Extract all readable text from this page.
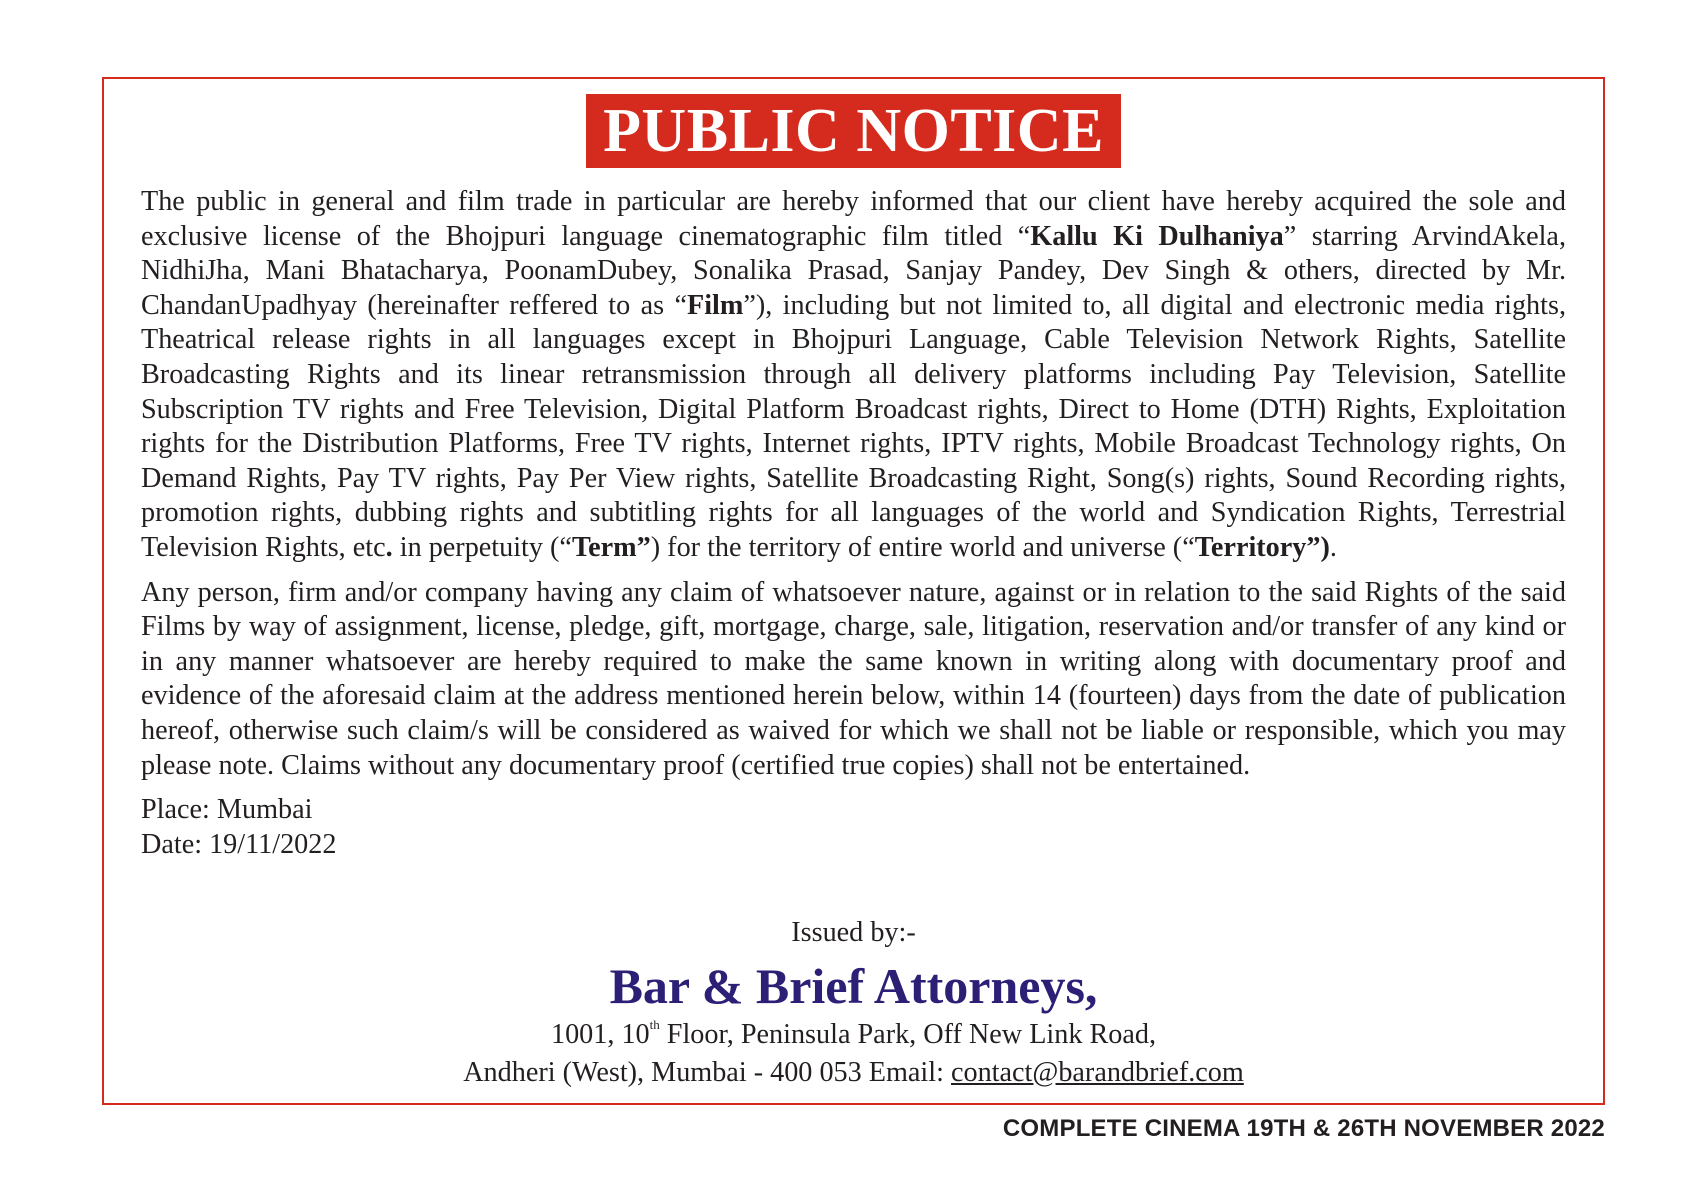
PUBLIC NOTICE

The public in general and film trade in particular are hereby informed that our client have hereby acquired the sole and exclusive license of the Bhojpuri language cinematographic film titled “Kallu Ki Dulhaniya” starring ArvindAkela, NidhiJha, Mani Bhatacharya, PoonamDubey, Sonalika Prasad, Sanjay Pandey, Dev Singh & others, directed by Mr. ChandanUpadhyay (hereinafter reffered to as “Film”), including but not limited to, all digital and electronic media rights, Theatrical release rights in all languages except in Bhojpuri Language, Cable Television Network Rights, Satellite Broadcasting Rights and its linear retransmission through all delivery platforms including Pay Television, Satellite Subscription TV rights and Free Television, Digital Platform Broadcast rights, Direct to Home (DTH) Rights, Exploitation rights for the Distribution Platforms, Free TV rights, Internet rights, IPTV rights, Mobile Broadcast Technology rights, On Demand Rights, Pay TV rights, Pay Per View rights, Satellite Broadcasting Right, Song(s) rights, Sound Recording rights, promotion rights, dubbing rights and subtitling rights for all languages of the world and Syndication Rights, Terrestrial Television Rights, etc. in perpetuity (“Term”) for the territory of entire world and universe (“Territory”).

Any person, firm and/or company having any claim of whatsoever nature, against or in relation to the said Rights of the said Films by way of assignment, license, pledge, gift, mortgage, charge, sale, litigation, reservation and/or transfer of any kind or in any manner whatsoever are hereby required to make the same known in writing along with documentary proof and evidence of the aforesaid claim at the address mentioned herein below, within 14 (fourteen) days from the date of publication hereof, otherwise such claim/s will be considered as waived for which we shall not be liable or responsible, which you may please note. Claims without any documentary proof (certified true copies) shall not be entertained.

Place: Mumbai
Date: 19/11/2022
Issued by:-
Bar & Brief Attorneys,
1001, 10th Floor, Peninsula Park, Off New Link Road,
Andheri (West), Mumbai - 400 053 Email: contact@barandbrief.com
COMPLETE CINEMA 19TH & 26TH NOVEMBER 2022
